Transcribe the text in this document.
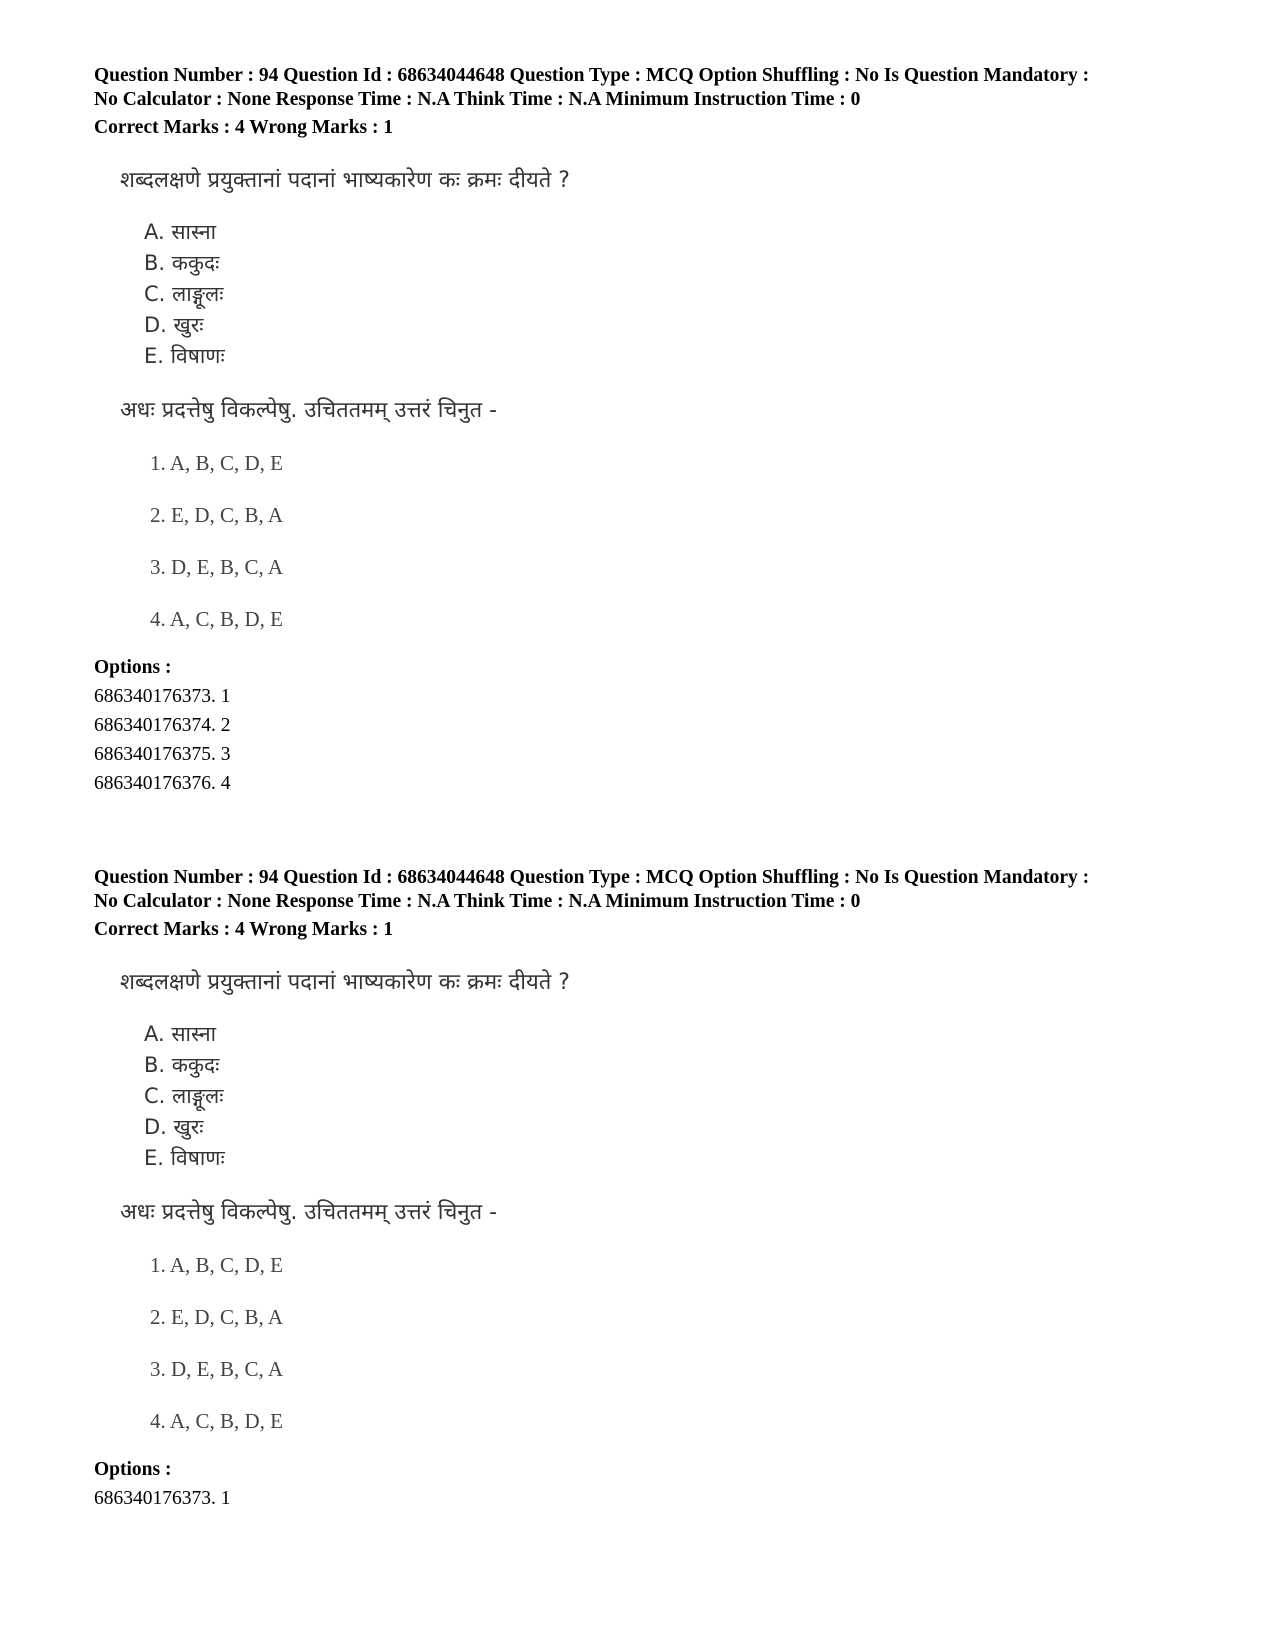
Question Number : 94 Question Id : 68634044648 Question Type : MCQ Option Shuffling : No Is Question Mandatory :
No Calculator : None Response Time : N.A Think Time : N.A Minimum Instruction Time : 0
Correct Marks : 4 Wrong Marks : 1
शब्दलक्षणे प्रयुक्तानां पदानां भाष्यकारेण कः क्रमः दीयते ?
A. सास्ना
B. ककुदः
C. लाङ्गूलः
D. खुरः
E. विषाणः
अधः प्रदत्तेषु विकल्पेषु. उचिततमम् उत्तरं चिनुत -
1. A, B, C, D, E
2. E, D, C, B, A
3. D, E, B, C, A
4. A, C, B, D, E
Options :
686340176373. 1
686340176374. 2
686340176375. 3
686340176376. 4
Question Number : 94 Question Id : 68634044648 Question Type : MCQ Option Shuffling : No Is Question Mandatory :
No Calculator : None Response Time : N.A Think Time : N.A Minimum Instruction Time : 0
Correct Marks : 4 Wrong Marks : 1
शब्दलक्षणे प्रयुक्तानां पदानां भाष्यकारेण कः क्रमः दीयते ?
A. सास्ना
B. ककुदः
C. लाङ्गूलः
D. खुरः
E. विषाणः
अधः प्रदत्तेषु विकल्पेषु. उचिततमम् उत्तरं चिनुत -
1. A, B, C, D, E
2. E, D, C, B, A
3. D, E, B, C, A
4. A, C, B, D, E
Options :
686340176373. 1
